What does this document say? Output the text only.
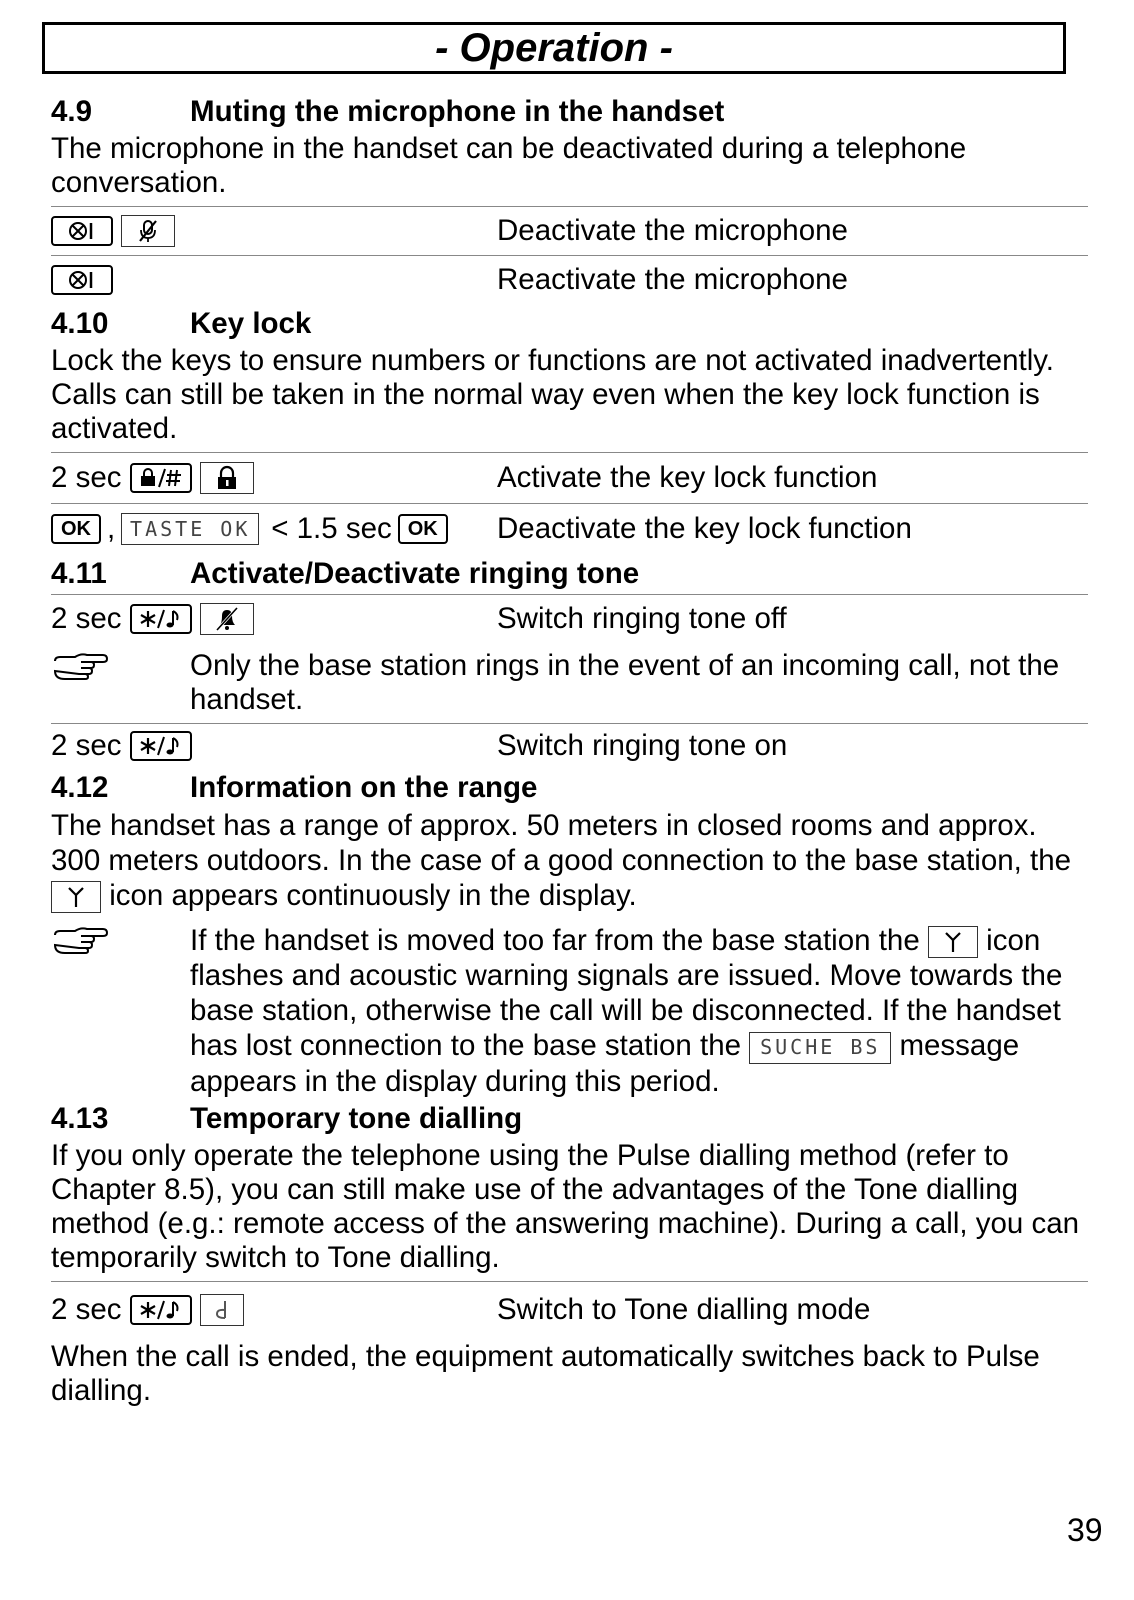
- Operation -
4.9	Muting the microphone in the handset

The microphone in the handset can be deactivated during a telephone conversation.

Deactivate the microphone
Reactivate the microphone
4.10	Key lock

Lock the keys to ensure numbers or functions are not activated inadvertently. Calls can still be taken in the normal way even when the key lock function is activated.

2 sec	Activate the key lock function
OK , TASTE OK < 1.5 sec OK	Deactivate the key lock function
4.11	Activate/Deactivate ringing tone
2 sec	Switch ringing tone off
Only the base station rings in the event of an incoming call, not the handset.
2 sec	Switch ringing tone on
4.12	Information on the range

The handset has a range of approx. 50 meters in closed rooms and approx. 300 meters outdoors. In the case of a good connection to the base station, the
icon appears continuously in the display.

If the handset is moved too far from the base station the icon flashes and acoustic warning signals are issued. Move towards the base station, otherwise the call will be disconnected. If the handset has lost connection to the base station the SUCHE BS message appears in the display during this period.
4.13	Temporary tone dialling

If you only operate the telephone using the Pulse dialling method (refer to Chapter 8.5), you can still make use of the advantages of the Tone dialling method (e.g.: remote access of the answering machine). During a call, you can temporarily switch to Tone dialling.

2 sec	Switch to Tone dialling mode

When the call is ended, the equipment automatically switches back to Pulse dialling.

39
